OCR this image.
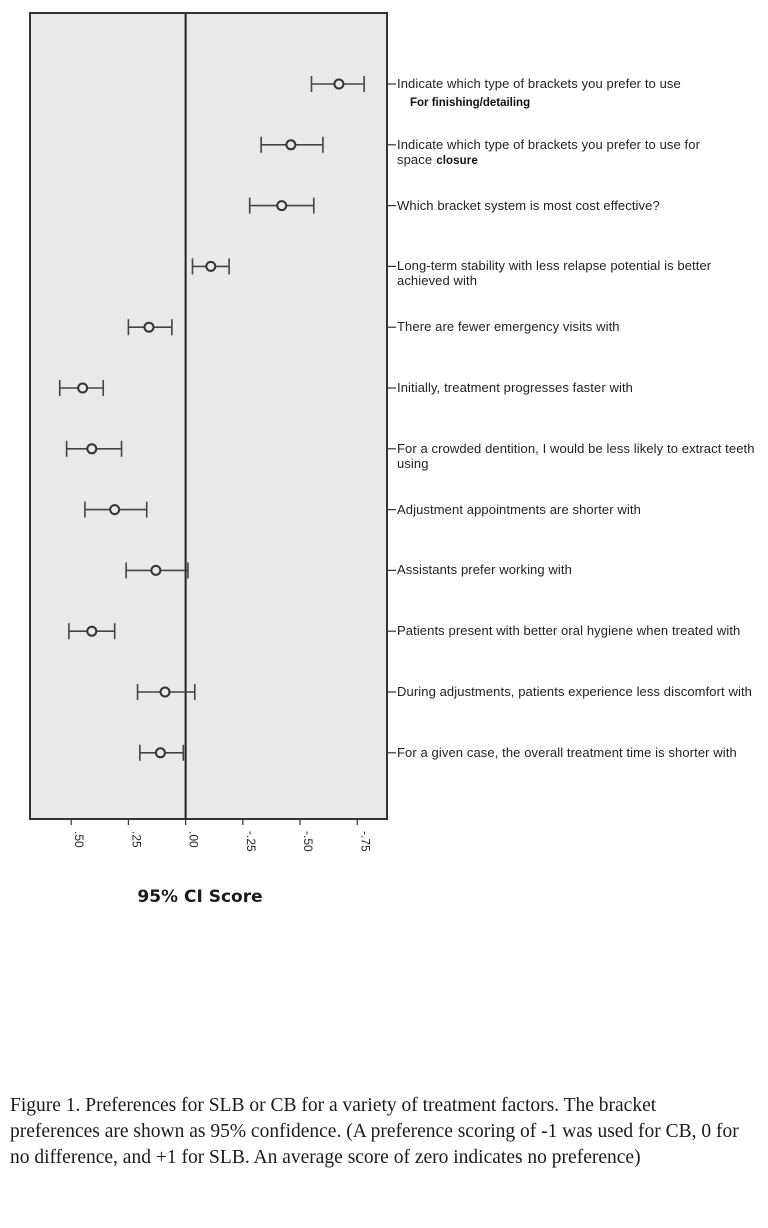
.50	.25	.00	-.25	-.50	-.75
Indicate which type of brackets you prefer to use
For finishing/detailing
Indicate which type of brackets you prefer to use for space closure
Which bracket system is most cost effective?
Long-term stability with less relapse potential is better achieved with
There are fewer emergency visits with
Initially, treatment progresses faster with
For a crowded dentition, I would be less likely to extract teeth using
Adjustment appointments are shorter with
Assistants prefer working with
Patients present with better oral hygiene when treated with
During adjustments, patients experience less discomfort with
For a given case, the overall treatment time is shorter with
95% CI Score
Figure 1. Preferences for SLB or CB for a variety of treatment factors. The bracket preferences are shown as 95% confidence. (A preference scoring of -1 was used for CB, 0 for no difference, and +1 for SLB. An average score of zero indicates no preference)
